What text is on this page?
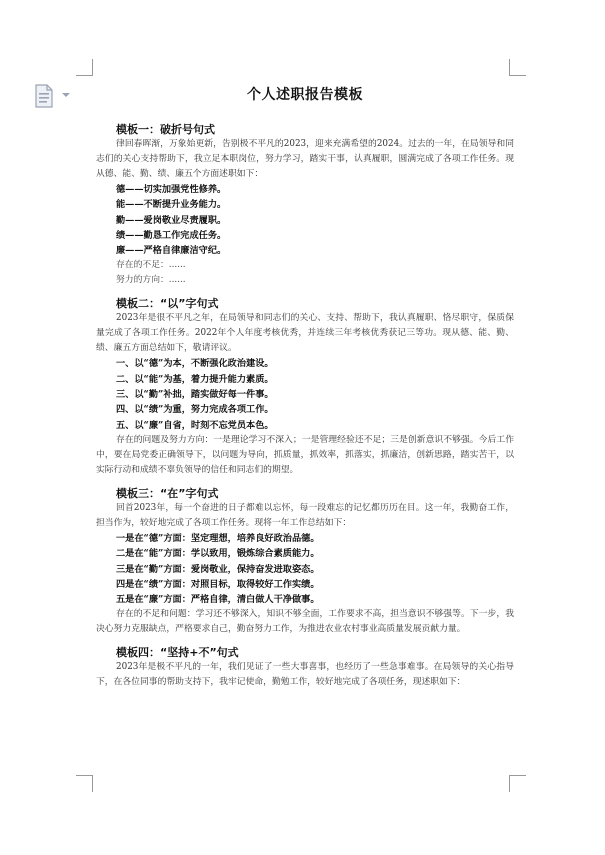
个人述职报告模板
模板一：破折号句式

律回春晖渐，万象始更新，告别极不平凡的2023，迎来充满希望的2024。过去的一年，在局领导和同志们的关心支持帮助下，我立足本职岗位，努力学习，踏实干事，认真履职，圆满完成了各项工作任务。现从德、能、勤、绩、廉五个方面述职如下：

德——切实加强党性修养。
能——不断提升业务能力。
勤——爱岗敬业尽责履职。
绩——勤恳工作完成任务。
廉——严格自律廉洁守纪。
存在的不足：......
努力的方向：......
模板二：“以”字句式

2023年是很不平凡之年，在局领导和同志们的关心、支持、帮助下，我认真履职、恪尽职守，保质保量完成了各项工作任务。2022年个人年度考核优秀，并连续三年考核优秀获记三等功。现从德、能、勤、绩、廉五方面总结如下，敬请评议。

一、以“德”为本，不断强化政治建设。
二、以“能”为基，着力提升能力素质。
三、以“勤”补拙，踏实做好每一件事。
四、以“绩”为重，努力完成各项工作。
五、以“廉”自省，时刻不忘党员本色。

存在的问题及努力方向：一是理论学习不深入；一是管理经验还不足；三是创新意识不够强。今后工作中，要在局党委正确领导下，以问题为导向，抓质量，抓效率，抓落实，抓廉洁，创新思路，踏实苦干，以实际行动和成绩不辜负领导的信任和同志们的期望。

模板三：“在”字句式

回首2023年，每一个奋进的日子都难以忘怀，每一段难忘的记忆都历历在目。这一年，我勤奋工作，担当作为，较好地完成了各项工作任务。现将一年工作总结如下：

一是在“德”方面：坚定理想，培养良好政治品德。
二是在“能”方面：学以致用，锻炼综合素质能力。
三是在“勤”方面：爱岗敬业，保持奋发进取姿态。
四是在“绩”方面：对照目标，取得较好工作实绩。
五是在“廉”方面：严格自律，清白做人干净做事。

存在的不足和问题：学习还不够深入，知识不够全面，工作要求不高，担当意识不够强等。下一步，我决心努力克服缺点，严格要求自己，勤奋努力工作，为推进农业农村事业高质量发展贡献力量。

模板四：“坚持+不”句式

2023年是极不平凡的一年，我们见证了一些大事喜事，也经历了一些急事难事。在局领导的关心指导下，在各位同事的帮助支持下，我牢记使命，勤勉工作，较好地完成了各项任务，现述职如下：
